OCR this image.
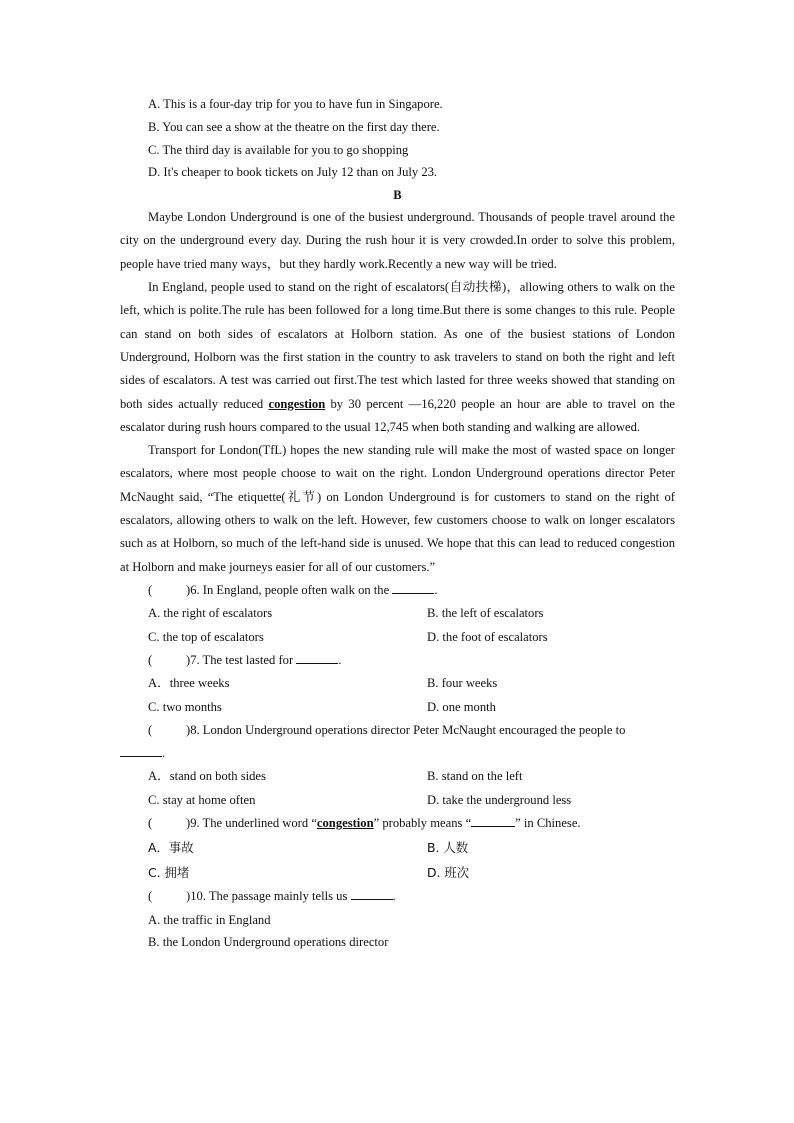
A. This is a four-day trip for you to have fun in Singapore.
B. You can see a show at the theatre on the first day there.
C. The third day is available for you to go shopping
D. It's cheaper to book tickets on July 12 than on July 23.

B

Maybe London Underground is one of the busiest underground. Thousands of people travel around the city on the underground every day. During the rush hour it is very crowded.In order to solve this problem, people have tried many ways，but they hardly work.Recently a new way will be tried.

In England, people used to stand on the right of escalators(自动扶梯)，allowing others to walk on the left, which is polite.The rule has been followed for a long time.But there is some changes to this rule. People can stand on both sides of escalators at Holborn station. As one of the busiest stations of London Underground, Holborn was the first station in the country to ask travelers to stand on both the right and left sides of escalators. A test was carried out first.The test which lasted for three weeks showed that standing on both sides actually reduced congestion by 30 percent —16,220 people an hour are able to travel on the escalator during rush hours compared to the usual 12,745 when both standing and walking are allowed.

Transport for London(TfL) hopes the new standing rule will make the most of wasted space on longer escalators, where most people choose to wait on the right. London Underground operations director Peter McNaught said, “The etiquette(礼节) on London Underground is for customers to stand on the right of escalators, allowing others to walk on the left. However, few customers choose to walk on longer escalators such as at Holborn, so much of the left-hand side is unused. We hope that this can lead to reduced congestion at Holborn and make journeys easier for all of our customers.”

(	)6. In England, people often walk on the	.

A. the right of escalators	B. the left of escalators
C. the top of escalators	D. the foot of escalators

(	)7. The test lasted for	.

A．three weeks	B. four weeks
C. two months	D. one month

(	)8. London Underground operations director Peter McNaught encouraged the people to

.
A．stand on both sides	B. stand on the left
C. stay at home often	D. take the underground less

(	)9. The underlined word “congestion” probably means “	” in Chinese.

A．事故	B. 人数
C. 拥堵	D. 班次

(	)10. The passage mainly tells us	.

A. the traffic in England
B. the London Underground operations director
